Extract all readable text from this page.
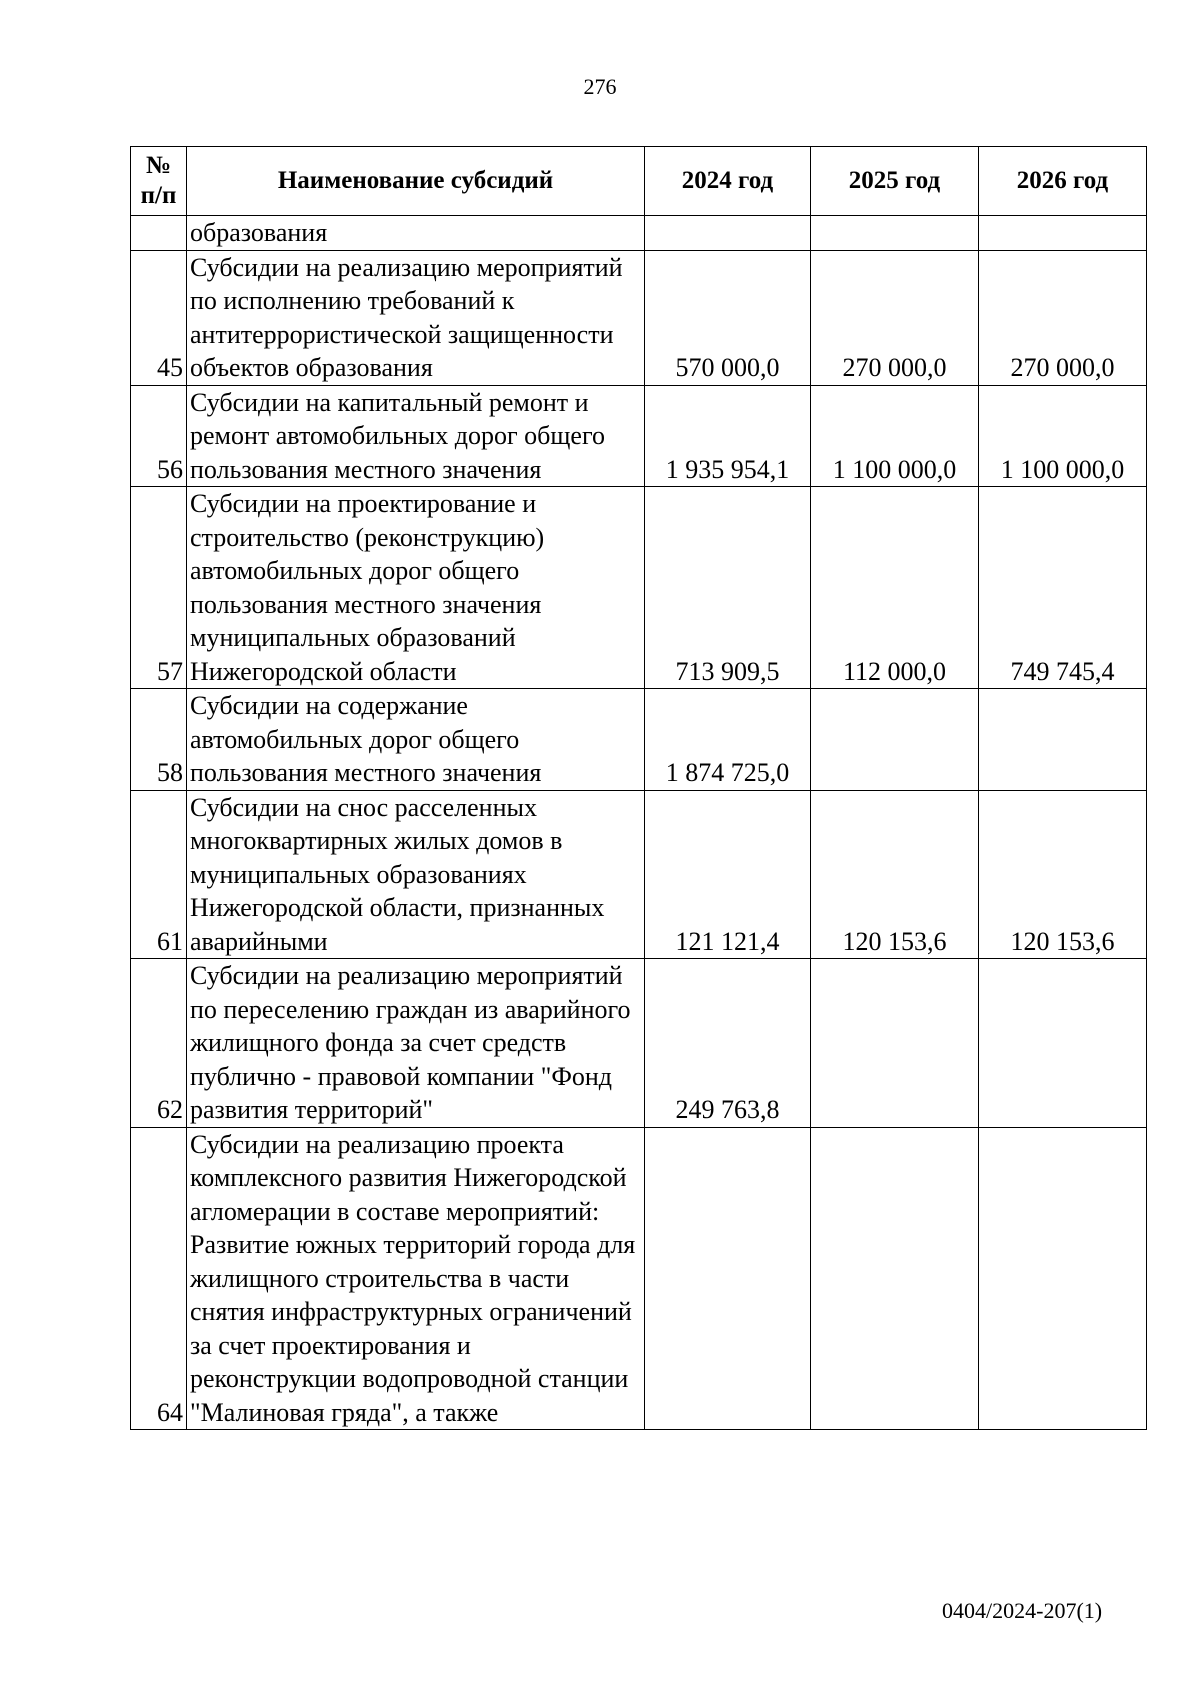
276
№ п/п	Наименование субсидий	2024 год	2025 год	2026 год
	образования			
45	Субсидии на реализацию мероприятий по исполнению требований к антитеррористической защищенности объектов образования	570 000,0	270 000,0	270 000,0
56	Субсидии на капитальный ремонт и ремонт автомобильных дорог общего пользования местного значения	1 935 954,1	1 100 000,0	1 100 000,0
57	Субсидии на проектирование и строительство (реконструкцию) автомобильных дорог общего пользования местного значения муниципальных образований Нижегородской области	713 909,5	112 000,0	749 745,4
58	Субсидии на содержание автомобильных дорог общего пользования местного значения	1 874 725,0		
61	Субсидии на снос расселенных многоквартирных жилых домов в муниципальных образованиях Нижегородской области, признанных аварийными	121 121,4	120 153,6	120 153,6
62	Субсидии на реализацию мероприятий по переселению граждан из аварийного жилищного фонда за счет средств публично - правовой компании "Фонд развития территорий"	249 763,8		
64	Субсидии на реализацию проекта комплексного развития Нижегородской агломерации в составе мероприятий: Развитие южных территорий города для жилищного строительства в части снятия инфраструктурных ограничений за счет проектирования и реконструкции водопроводной станции "Малиновая гряда", а также			
0404/2024-207(1)
